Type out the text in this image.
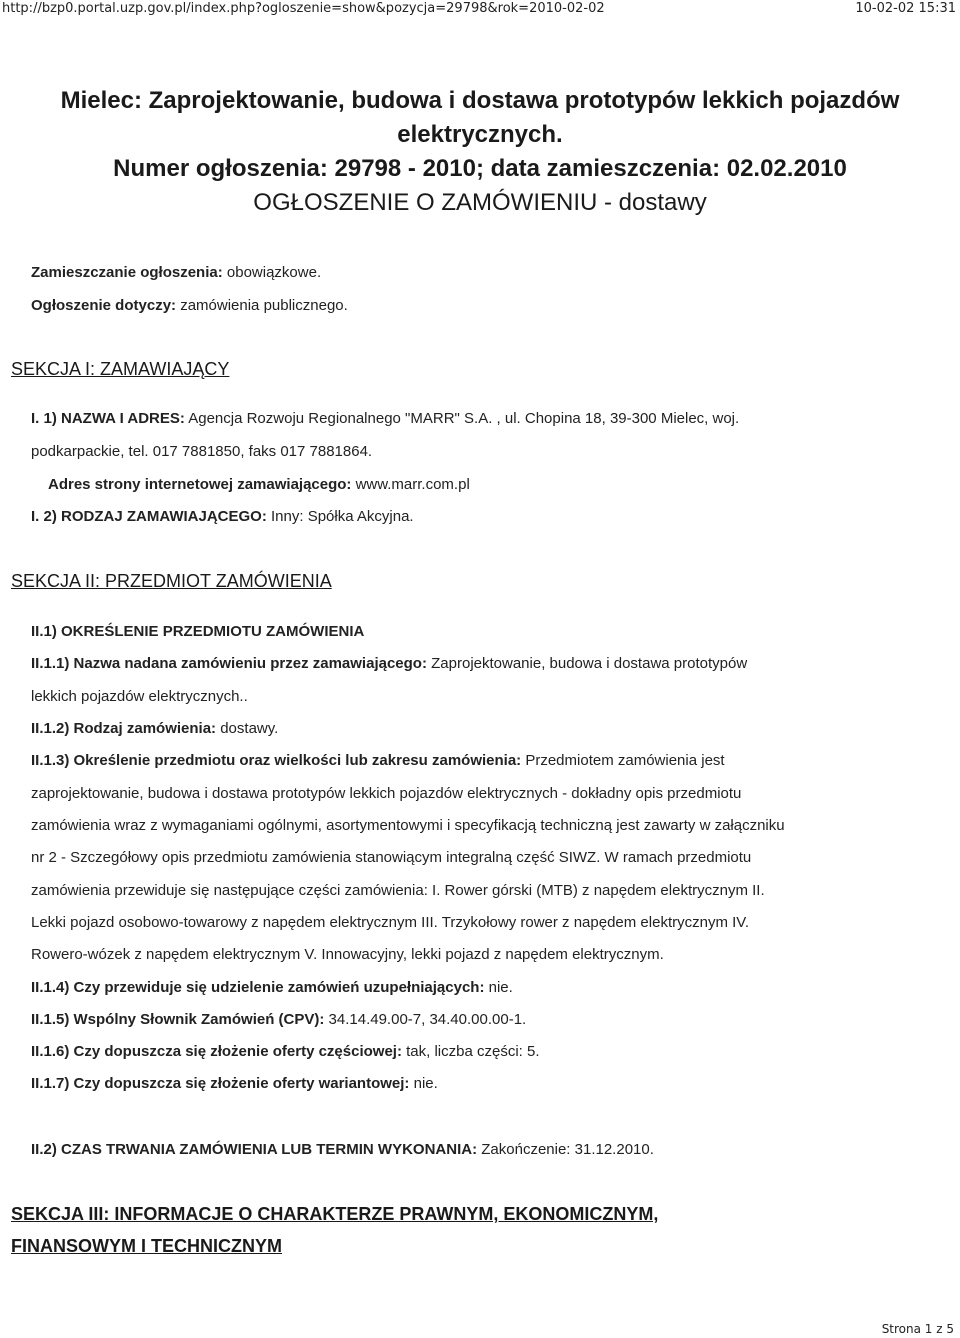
http://bzp0.portal.uzp.gov.pl/index.php?ogloszenie=show&pozycja=29798&rok=2010-02-02	10-02-02 15:31
Mielec: Zaprojektowanie, budowa i dostawa prototypów lekkich pojazdów
elektrycznych.
Numer ogłoszenia: 29798 - 2010; data zamieszczenia: 02.02.2010
OGŁOSZENIE O ZAMÓWIENIU - dostawy
Zamieszczanie ogłoszenia: obowiązkowe.
Ogłoszenie dotyczy: zamówienia publicznego.
SEKCJA I: ZAMAWIAJĄCY
I. 1) NAZWA I ADRES: Agencja Rozwoju Regionalnego "MARR" S.A. , ul. Chopina 18, 39-300 Mielec, woj.
podkarpackie, tel. 017 7881850, faks 017 7881864.
Adres strony internetowej zamawiającego: www.marr.com.pl
I. 2) RODZAJ ZAMAWIAJĄCEGO: Inny: Spółka Akcyjna.
SEKCJA II: PRZEDMIOT ZAMÓWIENIA
II.1) OKREŚLENIE PRZEDMIOTU ZAMÓWIENIA
II.1.1) Nazwa nadana zamówieniu przez zamawiającego: Zaprojektowanie, budowa i dostawa prototypów
lekkich pojazdów elektrycznych..
II.1.2) Rodzaj zamówienia: dostawy.
II.1.3) Określenie przedmiotu oraz wielkości lub zakresu zamówienia: Przedmiotem zamówienia jest
zaprojektowanie, budowa i dostawa prototypów lekkich pojazdów elektrycznych - dokładny opis przedmiotu
zamówienia wraz z wymaganiami ogólnymi, asortymentowymi i specyfikacją techniczną jest zawarty w załączniku
nr 2 - Szczegółowy opis przedmiotu zamówienia stanowiącym integralną część SIWZ. W ramach przedmiotu
zamówienia przewiduje się następujące części zamówienia: I. Rower górski (MTB) z napędem elektrycznym II.
Lekki pojazd osobowo-towarowy z napędem elektrycznym III. Trzykołowy rower z napędem elektrycznym IV.
Rowero-wózek z napędem elektrycznym V. Innowacyjny, lekki pojazd z napędem elektrycznym.
II.1.4) Czy przewiduje się udzielenie zamówień uzupełniających: nie.
II.1.5) Wspólny Słownik Zamówień (CPV): 34.14.49.00-7, 34.40.00.00-1.
II.1.6) Czy dopuszcza się złożenie oferty częściowej: tak, liczba części: 5.
II.1.7) Czy dopuszcza się złożenie oferty wariantowej: nie.
II.2) CZAS TRWANIA ZAMÓWIENIA LUB TERMIN WYKONANIA: Zakończenie: 31.12.2010.
SEKCJA III: INFORMACJE O CHARAKTERZE PRAWNYM, EKONOMICZNYM,
FINANSOWYM I TECHNICZNYM
Strona 1 z 5
